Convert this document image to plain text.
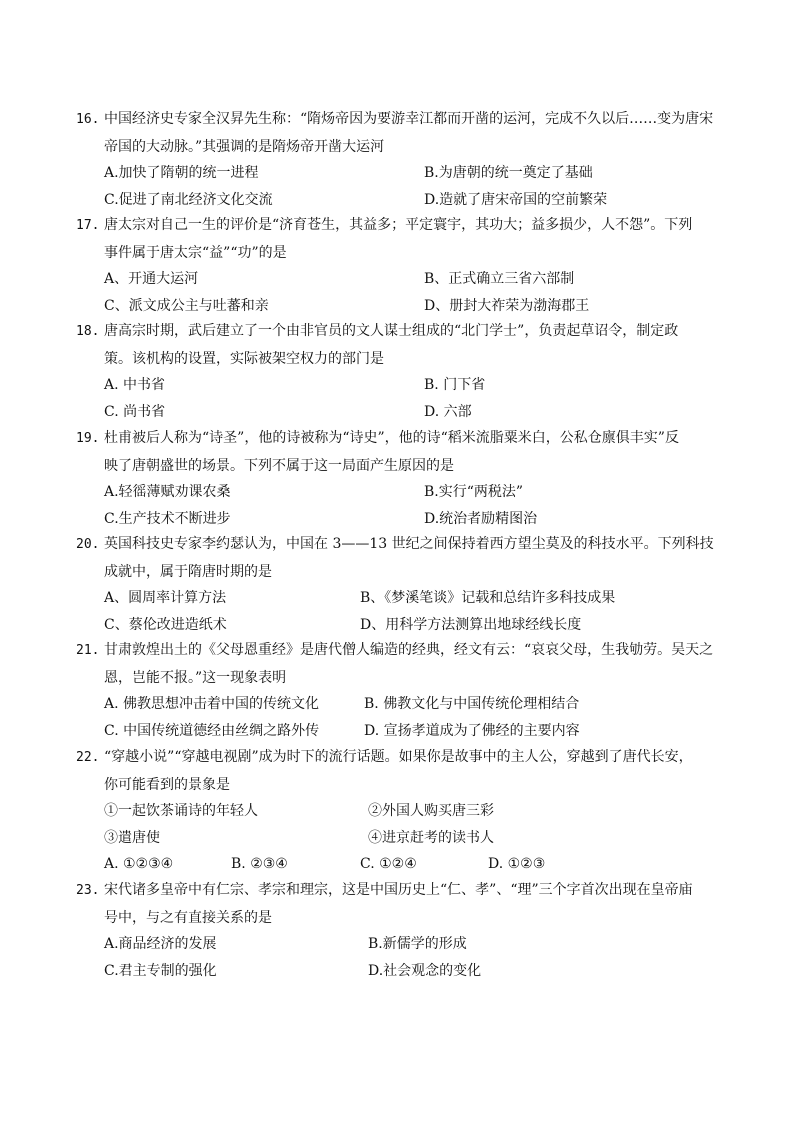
16. 中国经济史专家全汉昇先生称：“隋炀帝因为要游幸江都而开凿的运河，完成不久以后……变为唐宋
帝国的大动脉。”其强调的是隋炀帝开凿大运河
A.加快了隋朝的统一进程	B.为唐朝的统一奠定了基础
C.促进了南北经济文化交流	D.造就了唐宋帝国的空前繁荣
17. 唐太宗对自己一生的评价是“济育苍生，其益多；平定寰宇，其功大；益多损少，人不怨”。下列
事件属于唐太宗“益”“功”的是
A、开通大运河	B、正式确立三省六部制
C、派文成公主与吐蕃和亲	D、册封大祚荣为渤海郡王
18. 唐高宗时期，武后建立了一个由非官员的文人谋士组成的“北门学士”，负责起草诏令，制定政
策。该机构的设置，实际被架空权力的部门是
A. 中书省	B. 门下省
C. 尚书省	D. 六部
19. 杜甫被后人称为“诗圣”，他的诗被称为“诗史”，他的诗“稻米流脂粟米白，公私仓廪俱丰实”反
映了唐朝盛世的场景。下列不属于这一局面产生原因的是
A.轻徭薄赋劝课农桑	B.实行“两税法”
C.生产技术不断进步	D.统治者励精图治
20. 英国科技史专家李约瑟认为，中国在 3——13 世纪之间保持着西方望尘莫及的科技水平。下列科技
成就中，属于隋唐时期的是
A、圆周率计算方法	B、《梦溪笔谈》记载和总结许多科技成果
C、蔡伦改进造纸术	D、用科学方法测算出地球经线长度
21. 甘肃敦煌出土的《父母恩重经》是唐代僧人编造的经典，经文有云：“哀哀父母，生我劬劳。吴天之
恩，岂能不报。”这一现象表明
A. 佛教思想冲击着中国的传统文化	B. 佛教文化与中国传统伦理相结合
C. 中国传统道德经由丝绸之路外传	D. 宣扬孝道成为了佛经的主要内容
22. “穿越小说”“穿越电视剧”成为时下的流行话题。如果你是故事中的主人公，穿越到了唐代长安，
你可能看到的景象是
①一起饮茶诵诗的年轻人	②外国人购买唐三彩
③遣唐使	④进京赶考的读书人
A. ①②③④	B. ②③④	C. ①②④	D. ①②③
23. 宋代诸多皇帝中有仁宗、孝宗和理宗，这是中国历史上“仁、孝”、“理”三个字首次出现在皇帝庙
号中，与之有直接关系的是
A.商品经济的发展	B.新儒学的形成
C.君主专制的强化	D.社会观念的变化
